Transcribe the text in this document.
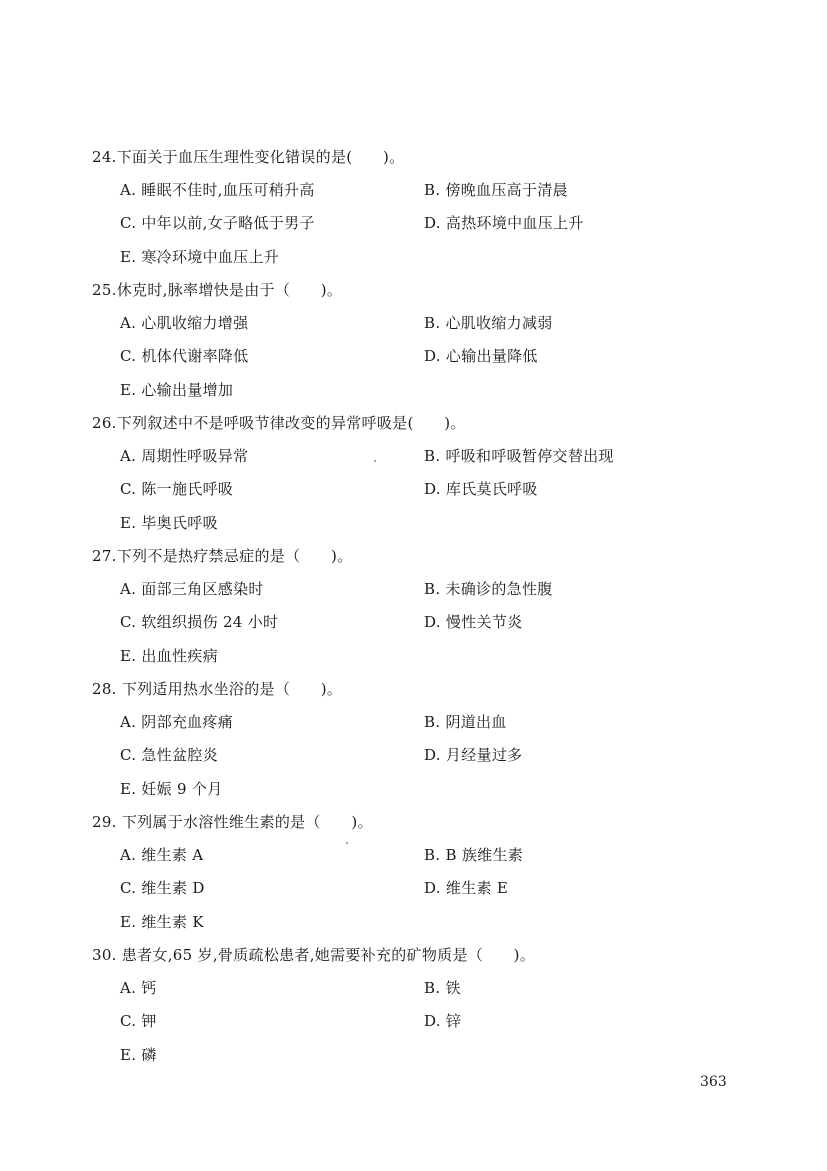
24.下面关于血压生理性变化错误的是(　　)。
A. 睡眠不佳时,血压可稍升高	B. 傍晚血压高于清晨
C. 中年以前,女子略低于男子	D. 高热环境中血压上升
E. 寒冷环境中血压上升
25.休克时,脉率增快是由于（　　)。
A. 心肌收缩力增强	B. 心肌收缩力减弱
C. 机体代谢率降低	D. 心输出量降低
E. 心输出量增加
26.下列叙述中不是呼吸节律改变的异常呼吸是(　　)。
A. 周期性呼吸异常	B. 呼吸和呼吸暂停交替出现
C. 陈一施氏呼吸	D. 库氏莫氏呼吸
E. 毕奥氏呼吸
27.下列不是热疗禁忌症的是（　　)。
A. 面部三角区感染时	B. 未确诊的急性腹
C. 软组织损伤 24 小时	D. 慢性关节炎
E. 出血性疾病
28. 下列适用热水坐浴的是（　　)。
A. 阴部充血疼痛	B. 阴道出血
C. 急性盆腔炎	D. 月经量过多
E. 妊娠 9 个月
29. 下列属于水溶性维生素的是（　　)。
A. 维生素 A	B. B 族维生素
C. 维生素 D	D. 维生素 E
E. 维生素 K
30. 患者女,65 岁,骨质疏松患者,她需要补充的矿物质是（　　)。
A. 钙	B. 铁
C. 钾	D. 锌
E. 磷
363
